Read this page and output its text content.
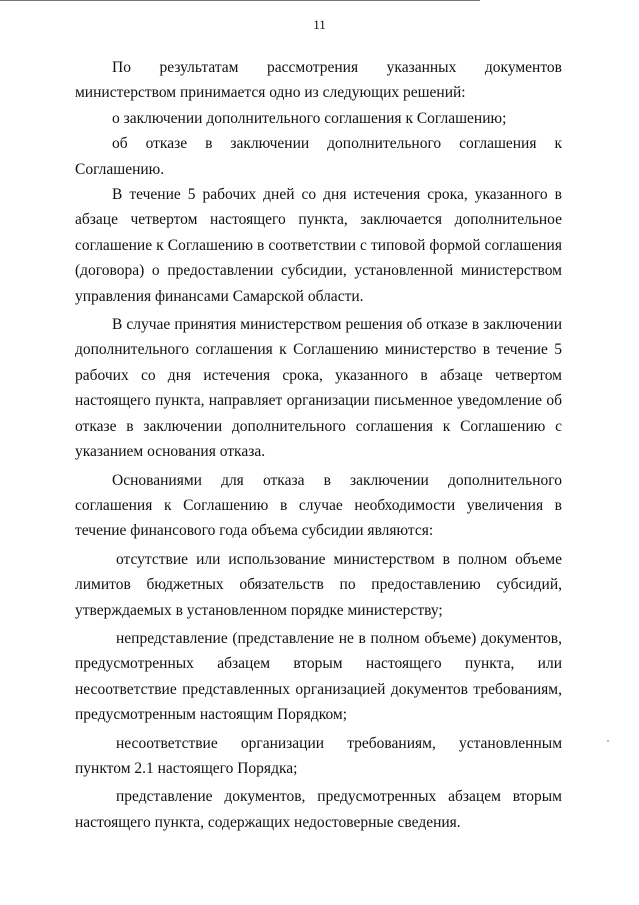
11

По результатам рассмотрения указанных документов министерством принимается одно из следующих решений:

о заключении дополнительного соглашения к Соглашению;

об отказе в заключении дополнительного соглашения к Соглашению.

В течение 5 рабочих дней со дня истечения срока, указанного в абзаце четвертом настоящего пункта, заключается дополнительное соглашение к Соглашению в соответствии с типовой формой соглашения (договора) о предоставлении субсидии, установленной министерством управления финансами Самарской области.

В случае принятия министерством решения об отказе в заключении дополнительного соглашения к Соглашению министерство в течение 5 рабочих со дня истечения срока, указанного в абзаце четвертом настоящего пункта, направляет организации письменное уведомление об отказе в заключении дополнительного соглашения к Соглашению с указанием основания отказа.

Основаниями для отказа в заключении дополнительного соглашения к Соглашению в случае необходимости увеличения в течение финансового года объема субсидии являются:

отсутствие или использование министерством в полном объеме лимитов бюджетных обязательств по предоставлению субсидий, утверждаемых в установленном порядке министерству;

непредставление (представление не в полном объеме) документов, предусмотренных абзацем вторым настоящего пункта, или несоответствие представленных организацией документов требованиям, предусмотренным настоящим Порядком;

несоответствие организации требованиям, установленным пунктом 2.1 настоящего Порядка;

представление документов, предусмотренных абзацем вторым настоящего пункта, содержащих недостоверные сведения.
